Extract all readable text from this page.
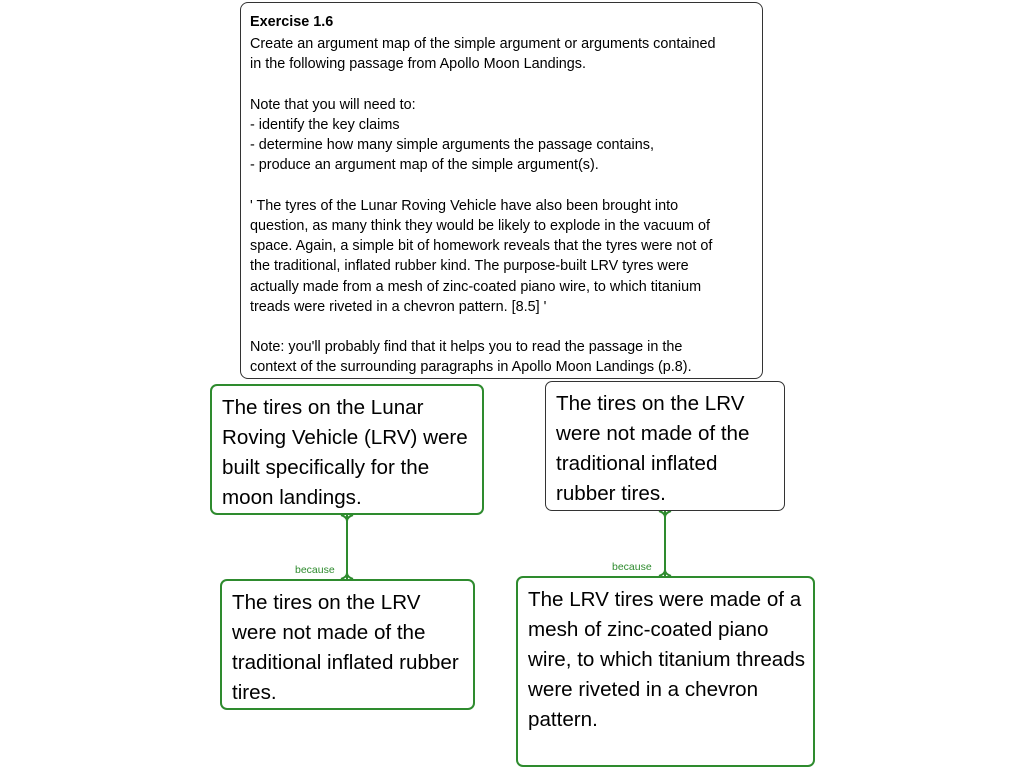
Exercise 1.6

Create an argument map of the simple argument or arguments contained

in the following passage from Apollo Moon Landings.

Note that you will need to:

- identify the key claims

- determine how many simple arguments the passage contains,

- produce an argument map of the simple argument(s).

' The tyres of the Lunar Roving Vehicle have also been brought into

question, as many think they would be likely to explode in the vacuum of

space. Again, a simple bit of homework reveals that the tyres were not of

the traditional, inflated rubber kind. The purpose-built LRV tyres were

actually made from a mesh of zinc-coated piano wire, to which titanium

treads were riveted in a chevron pattern. [8.5] '

Note: you'll probably find that it helps you to read the passage in the

context of the surrounding paragraphs in Apollo Moon Landings (p.8).

The tires on the Lunar Roving Vehicle (LRV) were built specifically for the moon landings.
The tires on the LRV were not made of the traditional inflated rubber tires.
The tires on the LRV were not made of the traditional inflated rubber tires.
The LRV tires were made of a mesh of zinc-coated piano wire, to which titanium threads were riveted in a chevron pattern.
because	because
